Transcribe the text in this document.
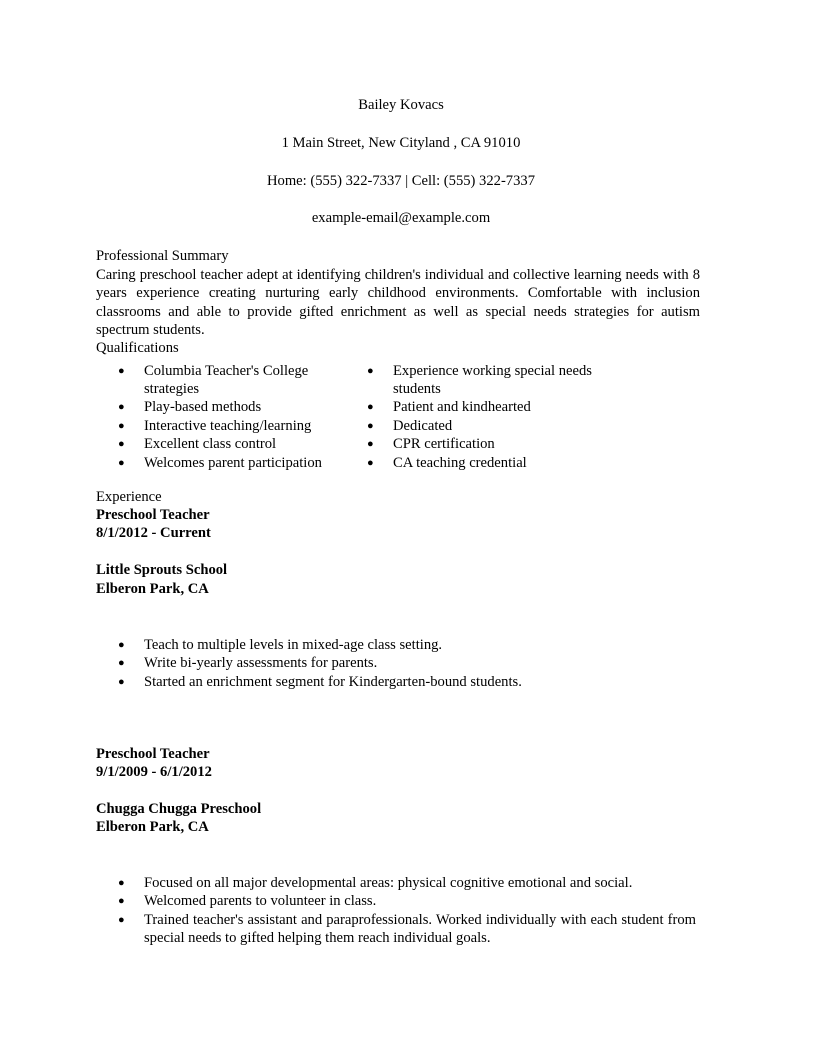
Bailey Kovacs
1 Main Street, New Cityland , CA 91010
Home: (555) 322-7337 | Cell: (555) 322-7337
example-email@example.com
Professional Summary
Caring preschool teacher adept at identifying children's individual and collective learning needs with 8 years experience creating nurturing early childhood environments. Comfortable with inclusion classrooms and able to provide gifted enrichment as well as special needs strategies for autism spectrum students.
Qualifications
● Columbia Teacher's College strategies
● Play-based methods
● Interactive teaching/learning
● Excellent class control
● Welcomes parent participation
● Experience working special needs students
● Patient and kindhearted
● Dedicated
● CPR certification
● CA teaching credential
Experience
Preschool Teacher
8/1/2012 - Current
Little Sprouts School
Elberon Park, CA
● Teach to multiple levels in mixed-age class setting.
● Write bi-yearly assessments for parents.
● Started an enrichment segment for Kindergarten-bound students.
Preschool Teacher
9/1/2009 - 6/1/2012
Chugga Chugga Preschool
Elberon Park, CA
● Focused on all major developmental areas: physical cognitive emotional and social.
● Welcomed parents to volunteer in class.
● Trained teacher's assistant and paraprofessionals. Worked individually with each student from special needs to gifted helping them reach individual goals.
